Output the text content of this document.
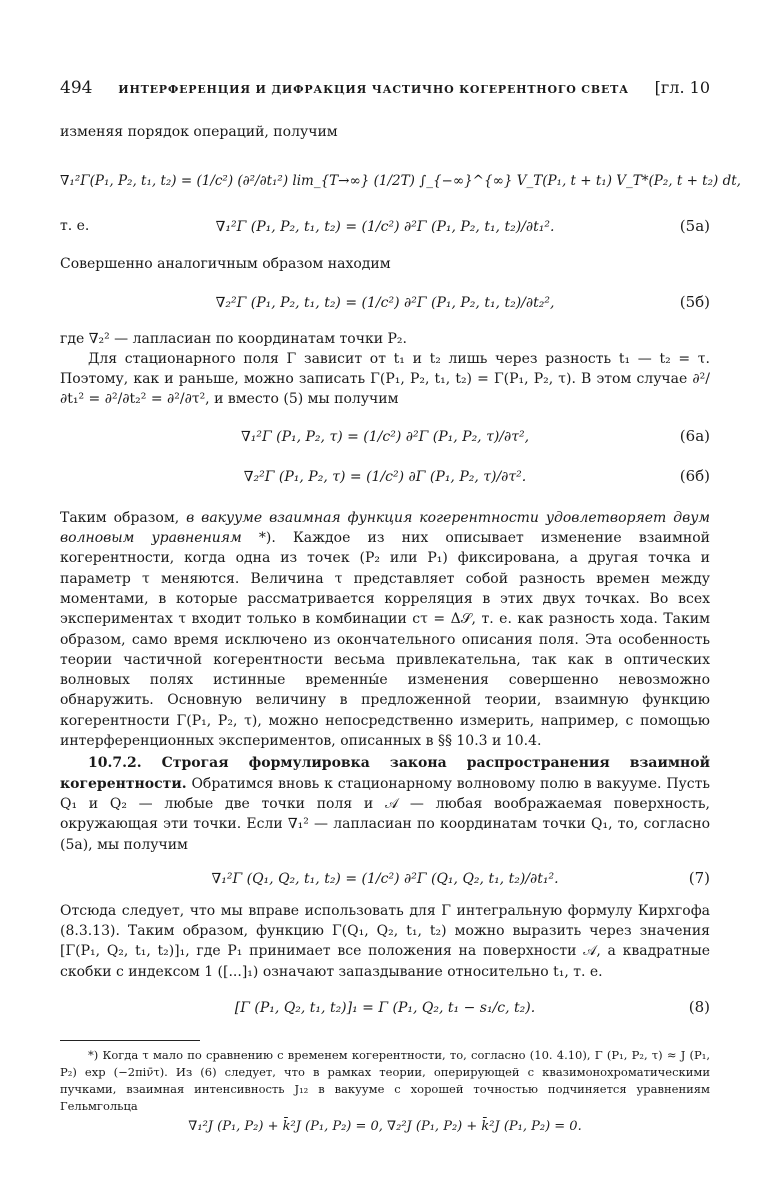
494 ИНТЕРФЕРЕНЦИЯ И ДИФРАКЦИЯ ЧАСТИЧНО КОГЕРЕНТНОГО СВЕТА [гл. 10

изменяя порядок операций, получим

∇₁²Γ(P₁, P₂, t₁, t₂) = (1/c²) (∂²/∂t₁²) lim_{T→∞} (1/2T) ∫_{−∞}^{∞} V_T(P₁, t + t₁) V_T*(P₂, t + t₂) dt,
т. е.	∇₁²Γ (P₁, P₂, t₁, t₂) = (1/c²) ∂²Γ (P₁, P₂, t₁, t₂)/∂t₁².	(5а)

Совершенно аналогичным образом находим

∇₂²Γ (P₁, P₂, t₁, t₂) = (1/c²) ∂²Γ (P₁, P₂, t₁, t₂)/∂t₂²,	(5б)

где ∇₂² — лапласиан по координатам точки P₂.

Для стационарного поля Γ зависит от t₁ и t₂ лишь через разность t₁ — t₂ = τ. Поэтому, как и раньше, можно записать Γ(P₁, P₂, t₁, t₂) = Γ(P₁, P₂, τ). В этом случае ∂²/∂t₁² = ∂²/∂t₂² = ∂²/∂τ², и вместо (5) мы получим

∇₁²Γ (P₁, P₂, τ) = (1/c²) ∂²Γ (P₁, P₂, τ)/∂τ²,	(6а)
∇₂²Γ (P₁, P₂, τ) = (1/c²) ∂Γ (P₁, P₂, τ)/∂τ².	(6б)

Таким образом, в вакууме взаимная функция когерентности удовлетворяет двум волновым уравнениям *). Каждое из них описывает изменение взаимной когерентности, когда одна из точек (P₂ или P₁) фиксирована, а другая точка и параметр τ меняются. Величина τ представляет собой разность времен между моментами, в которые рассматривается корреляция в этих двух точках. Во всех экспериментах τ входит только в комбинации cτ = Δ𝒮, т. е. как разность хода. Таким образом, само время исключено из окончательного описания поля. Эта особенность теории частичной когерентности весьма привлекательна, так как в оптических волновых полях истинные временны́е изменения совершенно невозможно обнаружить. Основную величину в предложенной теории, взаимную функцию когерентности Γ(P₁, P₂, τ), можно непосредственно измерить, например, с помощью интерференционных экспериментов, описанных в §§ 10.3 и 10.4.

10.7.2. Строгая формулировка закона распространения взаимной когерентности. Обратимся вновь к стационарному волновому полю в вакууме. Пусть Q₁ и Q₂ — любые две точки поля и 𝒜 — любая воображаемая поверхность, окружающая эти точки. Если ∇₁² — лапласиан по координатам точки Q₁, то, согласно (5а), мы получим

∇₁²Γ (Q₁, Q₂, t₁, t₂) = (1/c²) ∂²Γ (Q₁, Q₂, t₁, t₂)/∂t₁².	(7)

Отсюда следует, что мы вправе использовать для Γ интегральную формулу Кирхгофа (8.3.13). Таким образом, функцию Γ(Q₁, Q₂, t₁, t₂) можно выразить через значения [Γ(P₁, Q₂, t₁, t₂)]₁, где P₁ принимает все положения на поверхности 𝒜, а квадратные скобки с индексом 1 ([...]₁) означают запаздывание относительно t₁, т. е.

[Γ (P₁, Q₂, t₁, t₂)]₁ = Γ (P₁, Q₂, t₁ − s₁/c, t₂).	(8)

*) Когда τ мало по сравнению с временем когерентности, то, согласно (10. 4.10), Γ (P₁, P₂, τ) ≈ J (P₁, P₂) exp (−2πiν̄τ). Из (6) следует, что в рамках теории, оперирующей с квазимонохроматическими пучками, взаимная интенсивность J₁₂ в вакууме с хорошей точностью подчиняется уравнениям Гельмгольца

∇₁²J (P₁, P₂) + k̄²J (P₁, P₂) = 0, ∇₂²J (P₁, P₂) + k̄²J (P₁, P₂) = 0.
